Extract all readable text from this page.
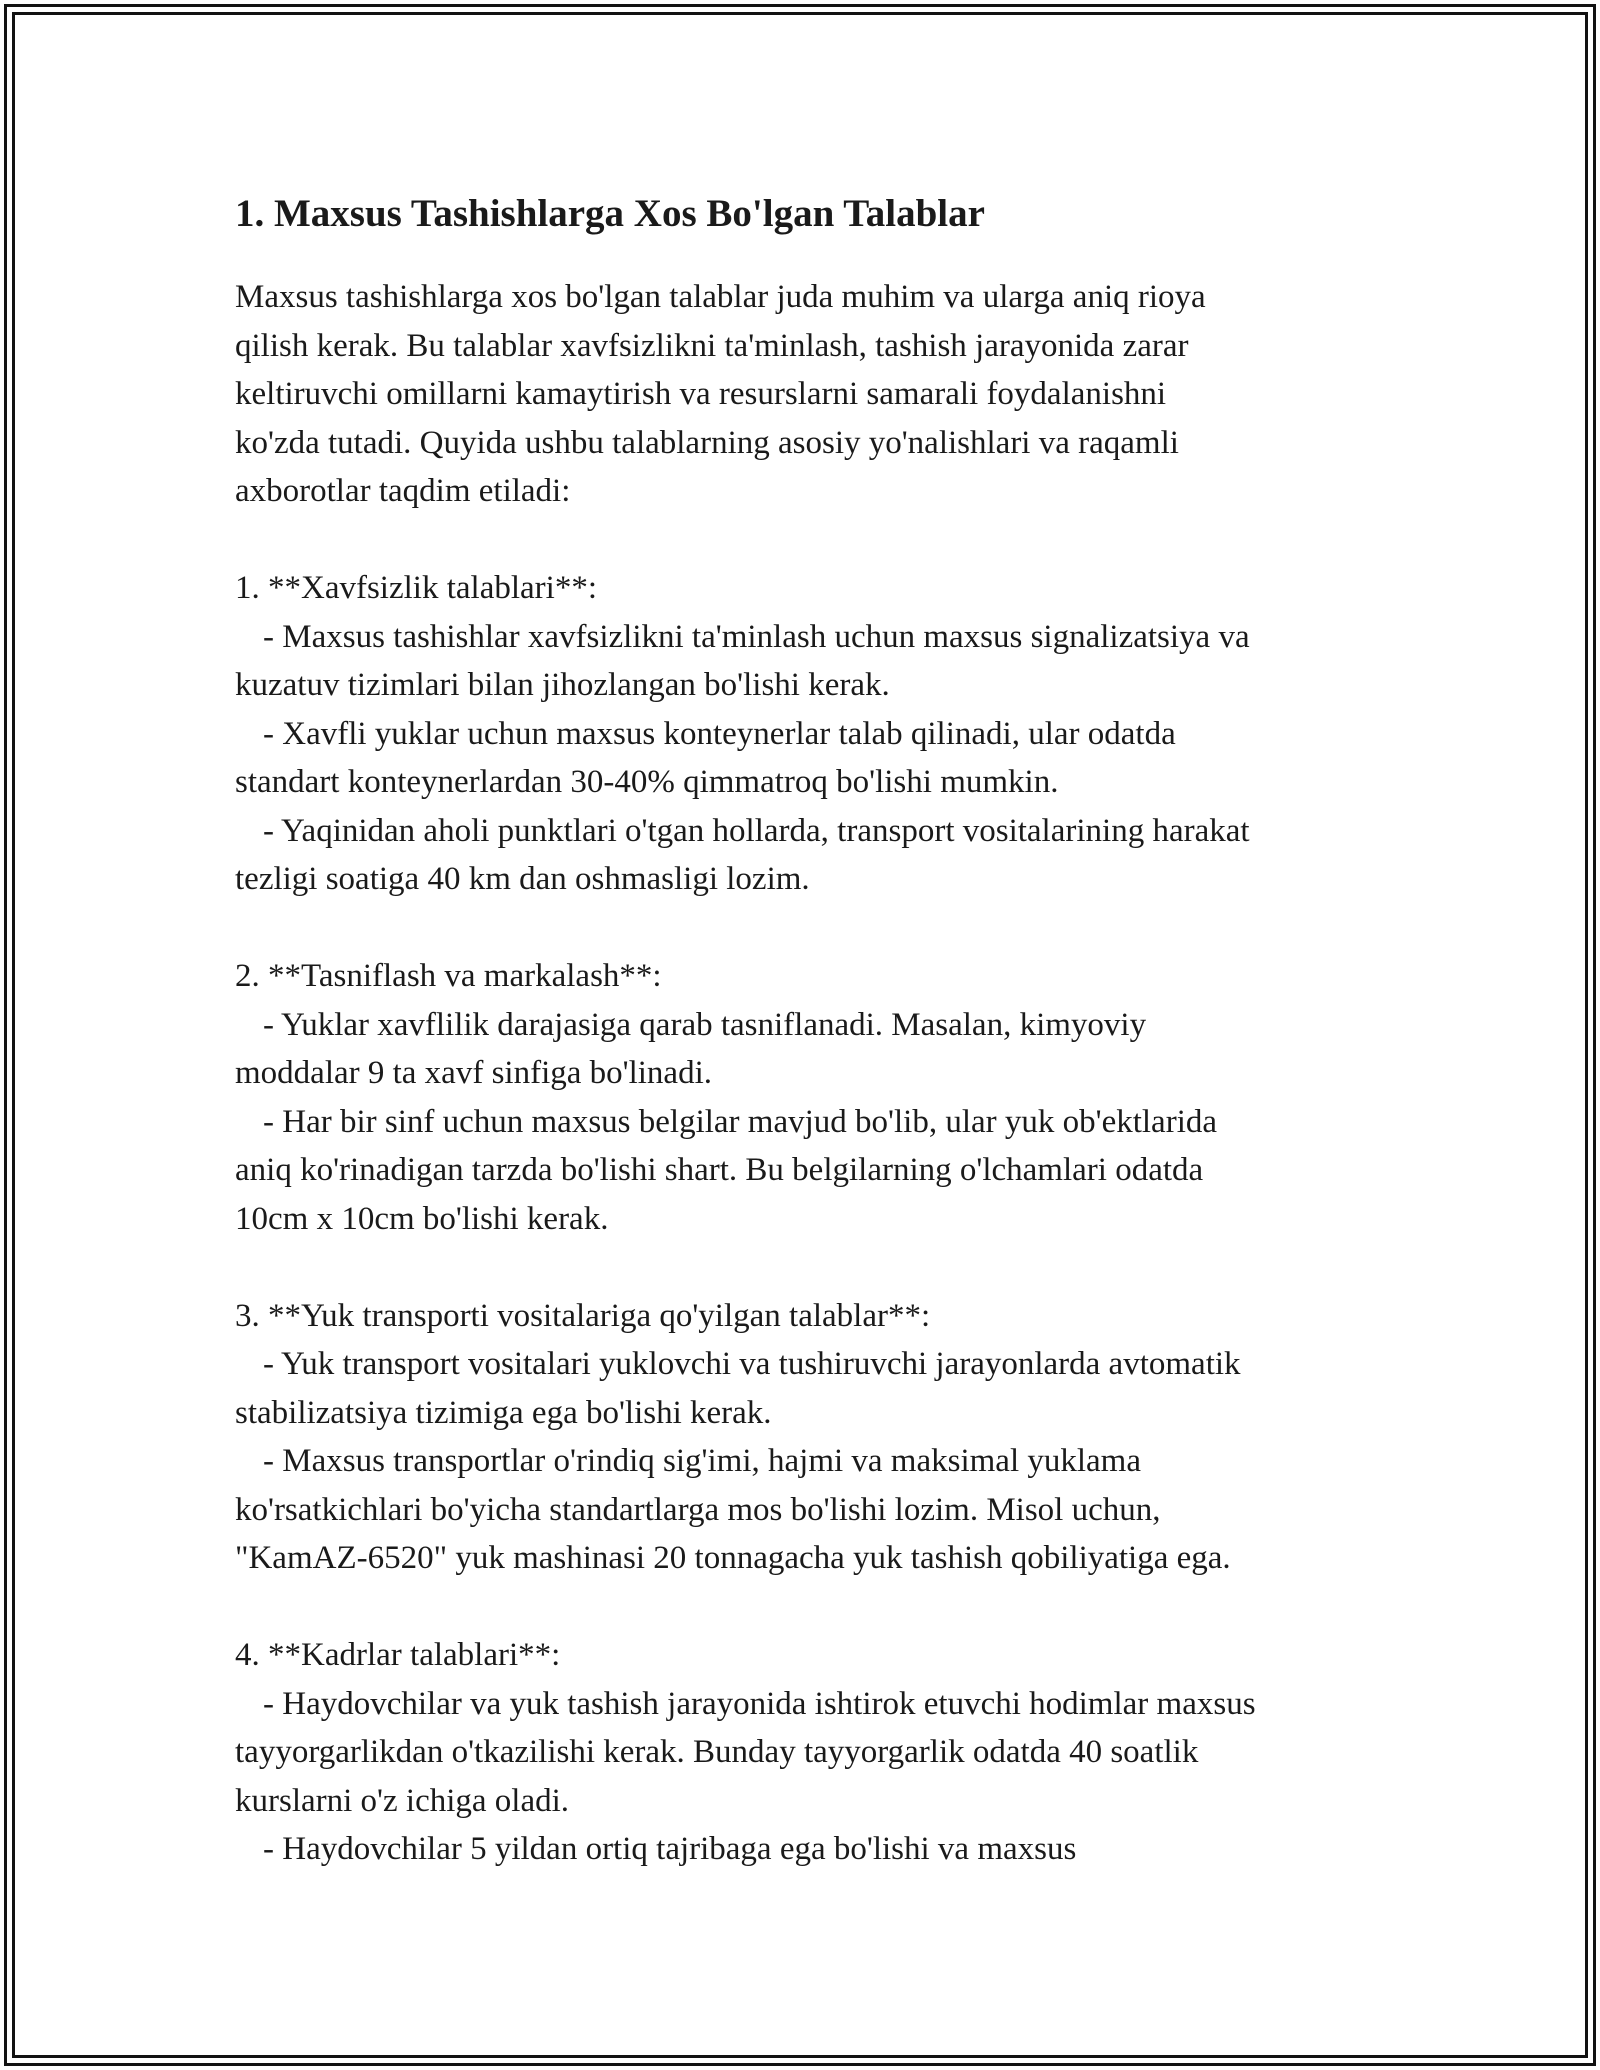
1. Maxsus Tashishlarga Xos Bo'lgan Talablar

Maxsus tashishlarga xos bo'lgan talablar juda muhim va ularga aniq rioya
qilish kerak. Bu talablar xavfsizlikni ta'minlash, tashish jarayonida zarar
keltiruvchi omillarni kamaytirish va resurslarni samarali foydalanishni
ko'zda tutadi. Quyida ushbu talablarning asosiy yo'nalishlari va raqamli
axborotlar taqdim etiladi:

1. **Xavfsizlik talablari**:

- Maxsus tashishlar xavfsizlikni ta'minlash uchun maxsus signalizatsiya va
kuzatuv tizimlari bilan jihozlangan bo'lishi kerak.

- Xavfli yuklar uchun maxsus konteynerlar talab qilinadi, ular odatda
standart konteynerlardan 30-40% qimmatroq bo'lishi mumkin.

- Yaqinidan aholi punktlari o'tgan hollarda, transport vositalarining harakat
tezligi soatiga 40 km dan oshmasligi lozim.

2. **Tasniflash va markalash**:

- Yuklar xavflilik darajasiga qarab tasniflanadi. Masalan, kimyoviy
moddalar 9 ta xavf sinfiga bo'linadi.

- Har bir sinf uchun maxsus belgilar mavjud bo'lib, ular yuk ob'ektlarida
aniq ko'rinadigan tarzda bo'lishi shart. Bu belgilarning o'lchamlari odatda
10cm x 10cm bo'lishi kerak.

3. **Yuk transporti vositalariga qo'yilgan talablar**:

- Yuk transport vositalari yuklovchi va tushiruvchi jarayonlarda avtomatik
stabilizatsiya tizimiga ega bo'lishi kerak.

- Maxsus transportlar o'rindiq sig'imi, hajmi va maksimal yuklama
ko'rsatkichlari bo'yicha standartlarga mos bo'lishi lozim. Misol uchun,
"KamAZ-6520" yuk mashinasi 20 tonnagacha yuk tashish qobiliyatiga ega.

4. **Kadrlar talablari**:

- Haydovchilar va yuk tashish jarayonida ishtirok etuvchi hodimlar maxsus
tayyorgarlikdan o'tkazilishi kerak. Bunday tayyorgarlik odatda 40 soatlik
kurslarni o'z ichiga oladi.

- Haydovchilar 5 yildan ortiq tajribaga ega bo'lishi va maxsus
